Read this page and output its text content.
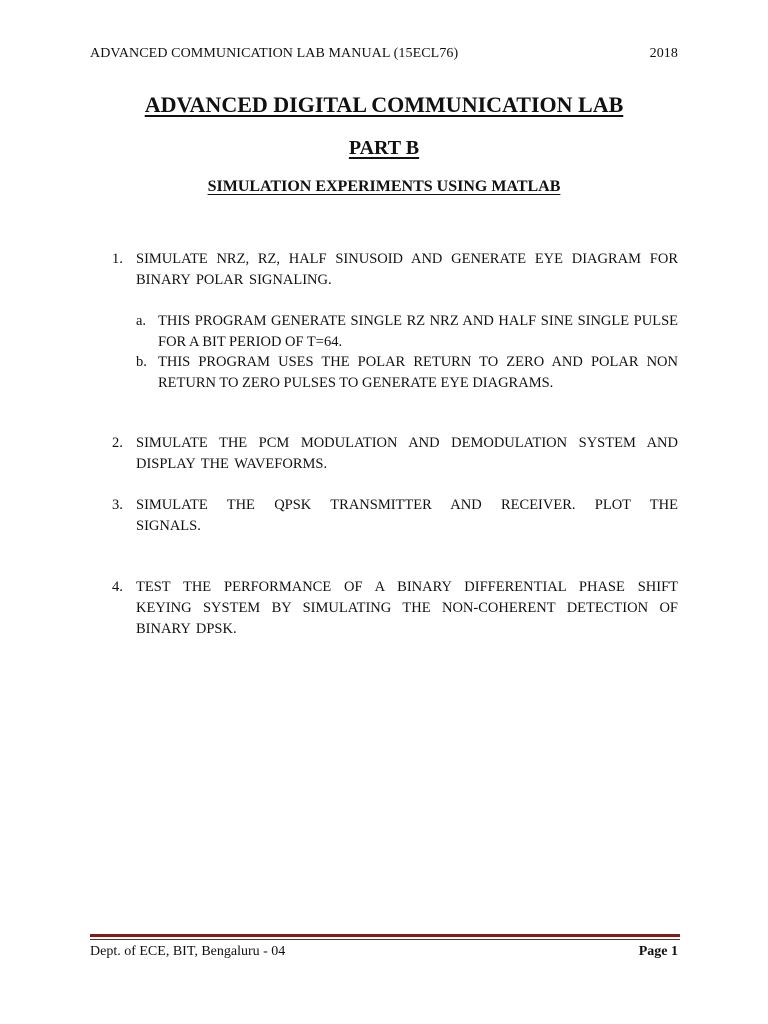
ADVANCED COMMUNICATION LAB MANUAL (15ECL76)	2018
ADVANCED DIGITAL COMMUNICATION LAB
PART B
SIMULATION EXPERIMENTS USING MATLAB
1. SIMULATE NRZ, RZ, HALF SINUSOID AND GENERATE EYE DIAGRAM FOR BINARY POLAR SIGNALING.
a. THIS PROGRAM GENERATE SINGLE RZ NRZ AND HALF SINE SINGLE PULSE FOR A BIT PERIOD OF T=64.
b. THIS PROGRAM USES THE POLAR RETURN TO ZERO AND POLAR NON RETURN TO ZERO PULSES TO GENERATE EYE DIAGRAMS.
2. SIMULATE THE PCM MODULATION AND DEMODULATION SYSTEM AND DISPLAY THE WAVEFORMS.
3. SIMULATE THE QPSK TRANSMITTER AND RECEIVER. PLOT THE SIGNALS.
4. TEST THE PERFORMANCE OF A BINARY DIFFERENTIAL PHASE SHIFT KEYING SYSTEM BY SIMULATING THE NON-COHERENT DETECTION OF BINARY DPSK.
Dept. of ECE, BIT, Bengaluru - 04	Page 1
